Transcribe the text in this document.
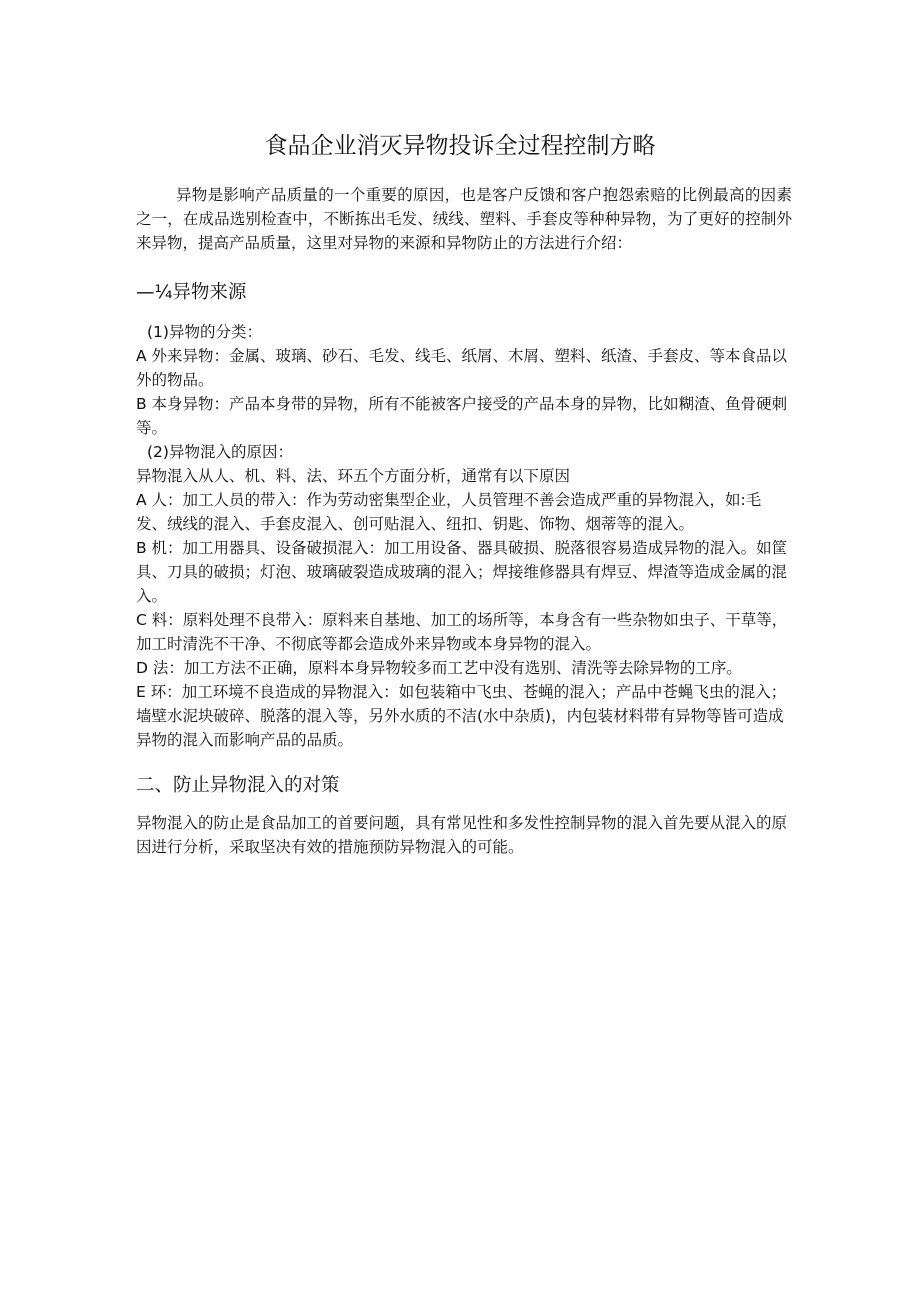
食品企业消灭异物投诉全过程控制方略

异物是影响产品质量的一个重要的原因，也是客户反馈和客户抱怨索赔的比例最高的因素之一，在成品选别检查中，不断拣出毛发、绒线、塑料、手套皮等种种异物，为了更好的控制外来异物，提高产品质量，这里对异物的来源和异物防止的方法进行介绍：

—¼异物来源

(1)异物的分类：

A 外来异物：金属、玻璃、砂石、毛发、线毛、纸屑、木屑、塑料、纸渣、手套皮、等本食品以外的物品。

B 本身异物：产品本身带的异物，所有不能被客户接受的产品本身的异物，比如糊渣、鱼骨硬刺等。

(2)异物混入的原因：

异物混入从人、机、料、法、环五个方面分析，通常有以下原因

A 人：加工人员的带入：作为劳动密集型企业，人员管理不善会造成严重的异物混入，如:毛发、绒线的混入、手套皮混入、创可贴混入、纽扣、钥匙、饰物、烟蒂等的混入。

B 机：加工用器具、设备破损混入：加工用设备、器具破损、脱落很容易造成异物的混入。如筐具、刀具的破损；灯泡、玻璃破裂造成玻璃的混入；焊接维修器具有焊豆、焊渣等造成金属的混入。

C 料：原料处理不良带入：原料来自基地、加工的场所等，本身含有一些杂物如虫子、干草等，加工时清洗不干净、不彻底等都会造成外来异物或本身异物的混入。

D 法：加工方法不正确，原料本身异物较多而工艺中没有选别、清洗等去除异物的工序。

E 环：加工环境不良造成的异物混入：如包装箱中飞虫、苍蝇的混入；产品中苍蝇飞虫的混入；墙壁水泥块破碎、脱落的混入等，另外水质的不洁(水中杂质)，内包装材料带有异物等皆可造成异物的混入而影响产品的品质。

二、防止异物混入的对策

异物混入的防止是食品加工的首要问题，具有常见性和多发性控制异物的混入首先要从混入的原因进行分析，采取坚决有效的措施预防异物混入的可能。
